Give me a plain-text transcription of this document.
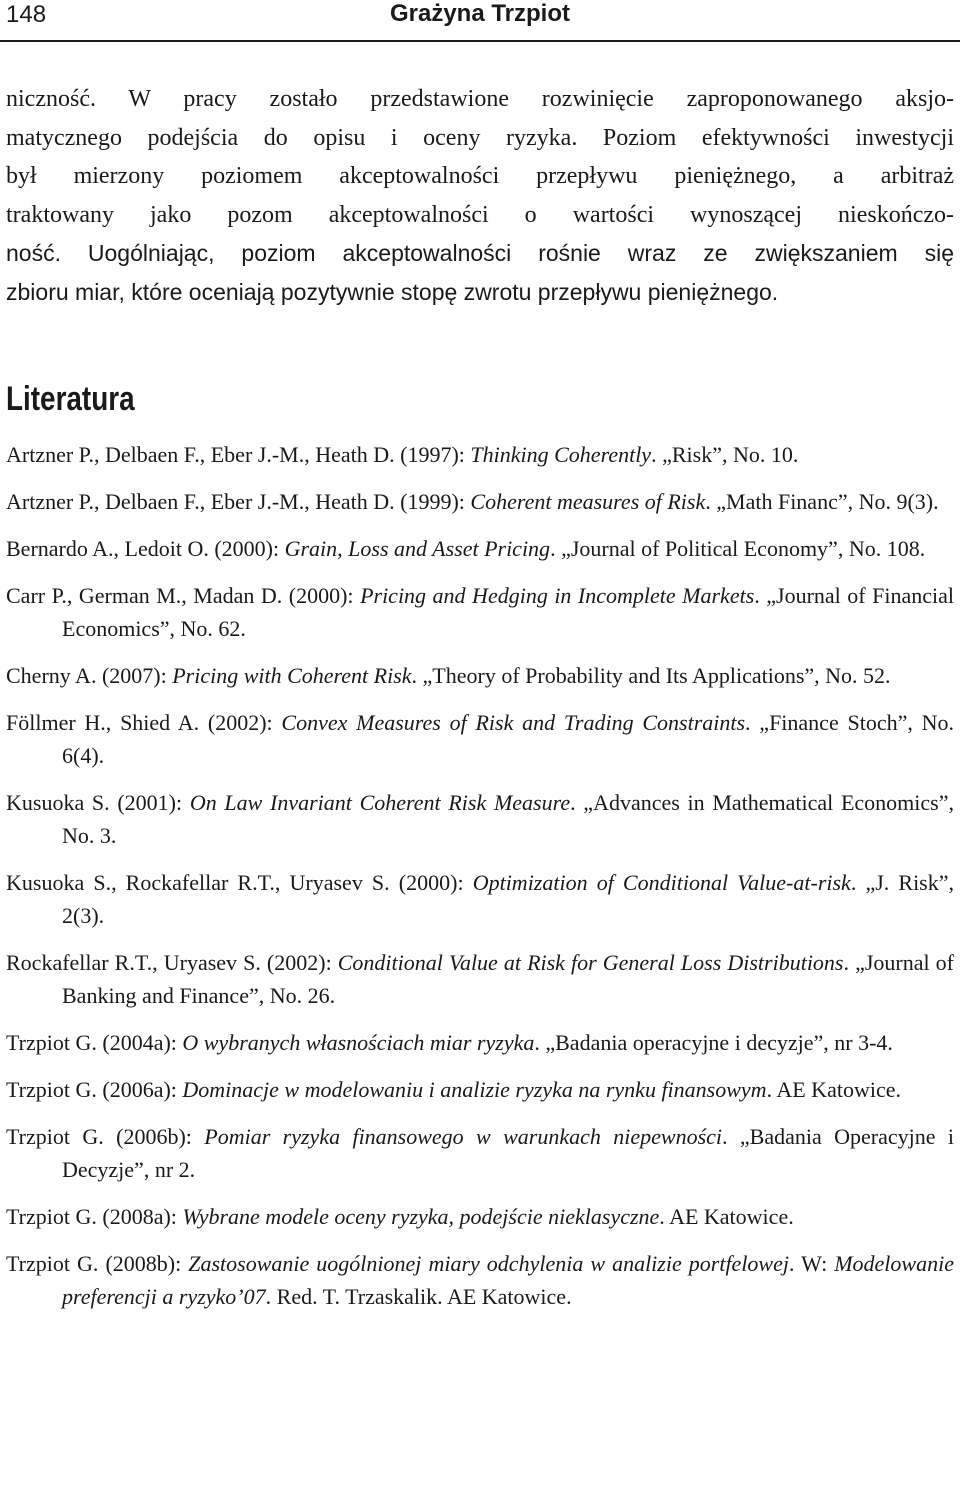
148	Grażyna Trzpiot
niczność. W pracy zostało przedstawione rozwinięcie zaproponowanego aksjo-
matycznego podejścia do opisu i oceny ryzyka. Poziom efektywności inwestycji
był mierzony poziomem akceptowalności przepływu pieniężnego, a arbitraż
traktowany jako pozom akceptowalności o wartości wynoszącej nieskończo-
ność. Uogólniając, poziom akceptowalności rośnie wraz ze zwiększaniem się
zbioru miar, które oceniają pozytywnie stopę zwrotu przepływu pieniężnego.
Literatura
Artzner P., Delbaen F., Eber J.-M., Heath D. (1997): Thinking Coherently. „Risk”, No. 10.
Artzner P., Delbaen F., Eber J.-M., Heath D. (1999): Coherent measures of Risk. „Math Financ”, No. 9(3).
Bernardo A., Ledoit O. (2000): Grain, Loss and Asset Pricing. „Journal of Political Economy”, No. 108.
Carr P., German M., Madan D. (2000): Pricing and Hedging in Incomplete Markets. „Journal of Financial Economics”, No. 62.
Cherny A. (2007): Pricing with Coherent Risk. „Theory of Probability and Its Applications”, No. 52.
Föllmer H., Shied A. (2002): Convex Measures of Risk and Trading Constraints. „Finance Stoch”, No. 6(4).
Kusuoka S. (2001): On Law Invariant Coherent Risk Measure. „Advances in Mathematical Economics”, No. 3.
Kusuoka S., Rockafellar R.T., Uryasev S. (2000): Optimization of Conditional Value-at-risk. „J. Risk”, 2(3).
Rockafellar R.T., Uryasev S. (2002): Conditional Value at Risk for General Loss Distributions. „Journal of Banking and Finance”, No. 26.
Trzpiot G. (2004a): O wybranych własnościach miar ryzyka. „Badania operacyjne i decyzje”, nr 3-4.
Trzpiot G. (2006a): Dominacje w modelowaniu i analizie ryzyka na rynku finansowym. AE Katowice.
Trzpiot G. (2006b): Pomiar ryzyka finansowego w warunkach niepewności. „Badania Operacyjne i Decyzje”, nr 2.
Trzpiot G. (2008a): Wybrane modele oceny ryzyka, podejście nieklasyczne. AE Katowice.
Trzpiot G. (2008b): Zastosowanie uogólnionej miary odchylenia w analizie portfelowej. W: Modelowanie preferencji a ryzyko’07. Red. T. Trzaskalik. AE Katowice.
